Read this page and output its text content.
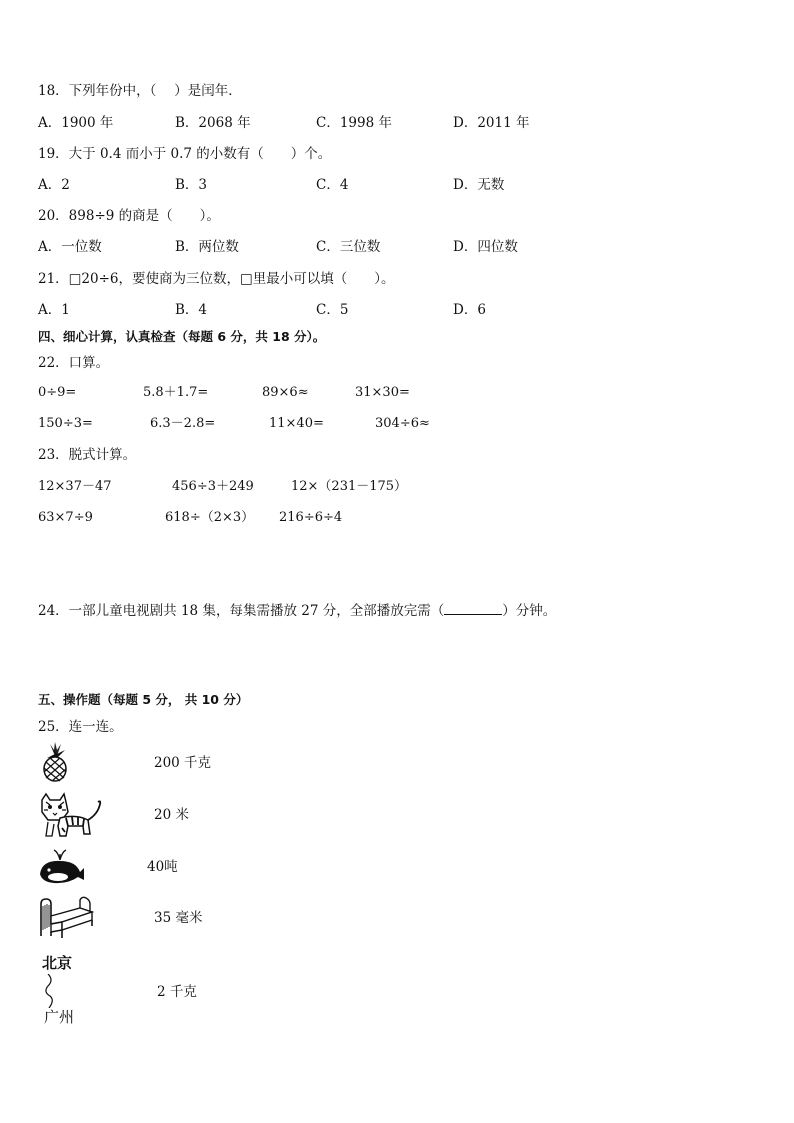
18．下列年份中，（　 ）是闰年．
A．1900 年	B．2068 年	C．1998 年	D．2011 年
19．大于 0.4 而小于 0.7 的小数有（　　）个。
A．2	B．3	C．4	D．无数
20．898÷9 的商是（　　）。
A．一位数	B．两位数	C．三位数	D．四位数
21．□20÷6，要使商为三位数，□里最小可以填（　　）。
A．1	B．4	C．5	D．6
四、细心计算，认真检查（每题 6 分，共 18 分）。
22．口算。
0÷9=	5.8＋1.7=	89×6≈	31×30=
150÷3=	6.3－2.8=	11×40=	304÷6≈
23．脱式计算。
12×37－47	456÷3＋249	12×（231－175）
63×7÷9	618÷（2×3） 216÷6÷4
24．一部儿童电视剧共 18 集，每集需播放 27 分，全部播放完需（	）分钟。
五、操作题（每题 5 分， 共 10 分）
25．连一连。
200 千克
20 米
40吨
35 毫米
北京
广州
2 千克
